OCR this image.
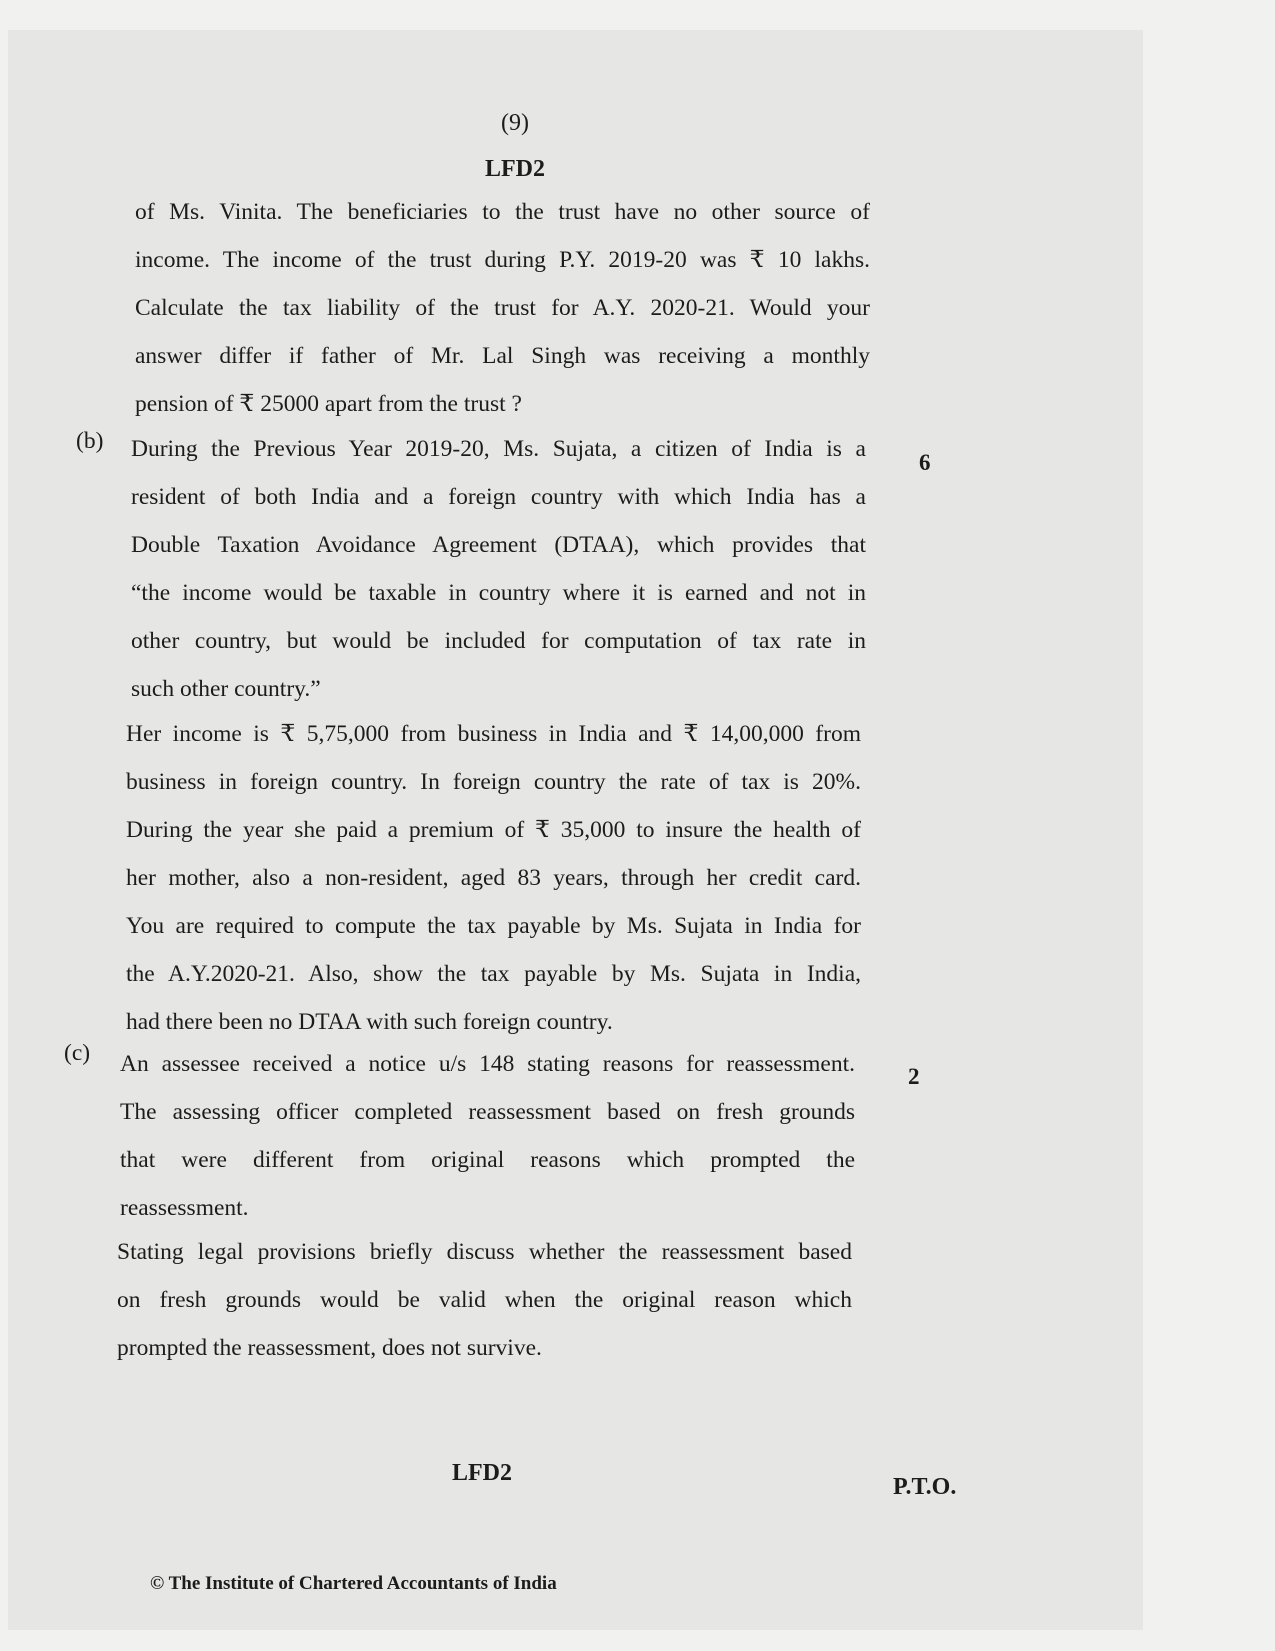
(9)
LFD2
of Ms. Vinita. The beneficiaries to the trust have no other source of
income. The income of the trust during P.Y. 2019-20 was ₹ 10 lakhs.
Calculate the tax liability of the trust for A.Y. 2020-21. Would your
answer differ if father of Mr. Lal Singh was receiving a monthly
pension of ₹ 25000 apart from the trust ?
(b)
6
During the Previous Year 2019-20, Ms. Sujata, a citizen of India is a
resident of both India and a foreign country with which India has a
Double Taxation Avoidance Agreement (DTAA), which provides that
“the income would be taxable in country where it is earned and not in
other country, but would be included for computation of tax rate in
such other country.”
Her income is ₹ 5,75,000 from business in India and ₹ 14,00,000 from
business in foreign country. In foreign country the rate of tax is 20%.
During the year she paid a premium of ₹ 35,000 to insure the health of
her mother, also a non-resident, aged 83 years, through her credit card.
You are required to compute the tax payable by Ms. Sujata in India for
the A.Y.2020-21. Also, show the tax payable by Ms. Sujata in India,
had there been no DTAA with such foreign country.
(c)
2
An assessee received a notice u/s 148 stating reasons for reassessment.
The assessing officer completed reassessment based on fresh grounds
that were different from original reasons which prompted the
reassessment.
Stating legal provisions briefly discuss whether the reassessment based
on fresh grounds would be valid when the original reason which
prompted the reassessment, does not survive.
LFD2
P.T.O.
© The Institute of Chartered Accountants of India
